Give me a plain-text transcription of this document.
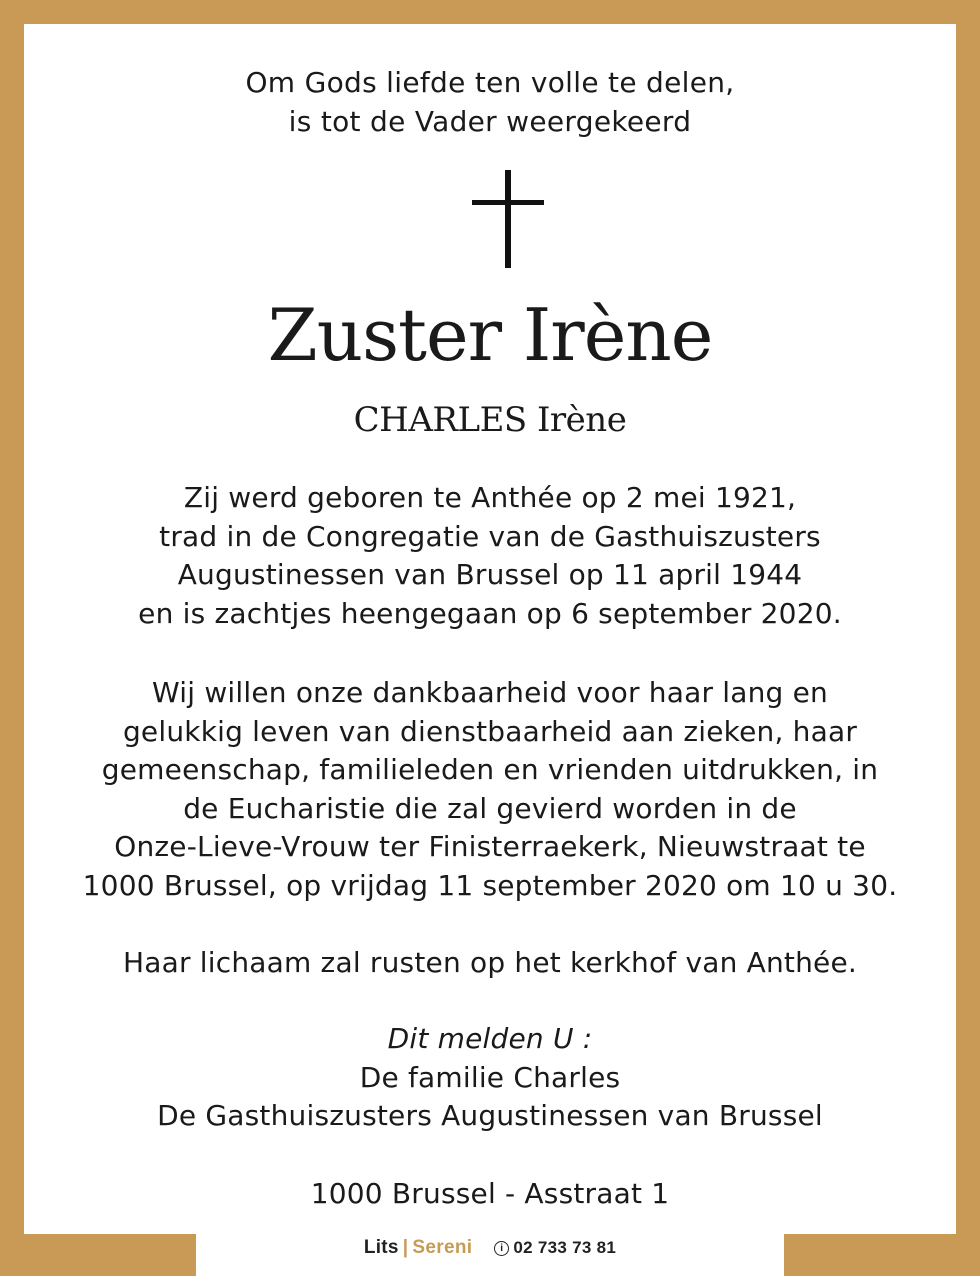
Om Gods liefde ten volle te delen,
is tot de Vader weergekeerd
Zuster Irène
CHARLES Irène
Zij werd geboren te Anthée op 2 mei 1921,
trad in de Congregatie van de Gasthuiszusters
Augustinessen van Brussel op 11 april 1944
en is zachtjes heengegaan op 6 september 2020.
Wij willen onze dankbaarheid voor haar lang en
gelukkig leven van dienstbaarheid aan zieken, haar
gemeenschap, familieleden en vrienden uitdrukken, in
de Eucharistie die zal gevierd worden in de
Onze-Lieve-Vrouw ter Finisterraekerk, Nieuwstraat te
1000 Brussel, op vrijdag 11 september 2020 om 10 u 30.
Haar lichaam zal rusten op het kerkhof van Anthée.
Dit melden U :
De familie Charles
De Gasthuiszusters Augustinessen van Brussel
1000 Brussel - Asstraat 1
Lits | Sereni	i 02 733 73 81
